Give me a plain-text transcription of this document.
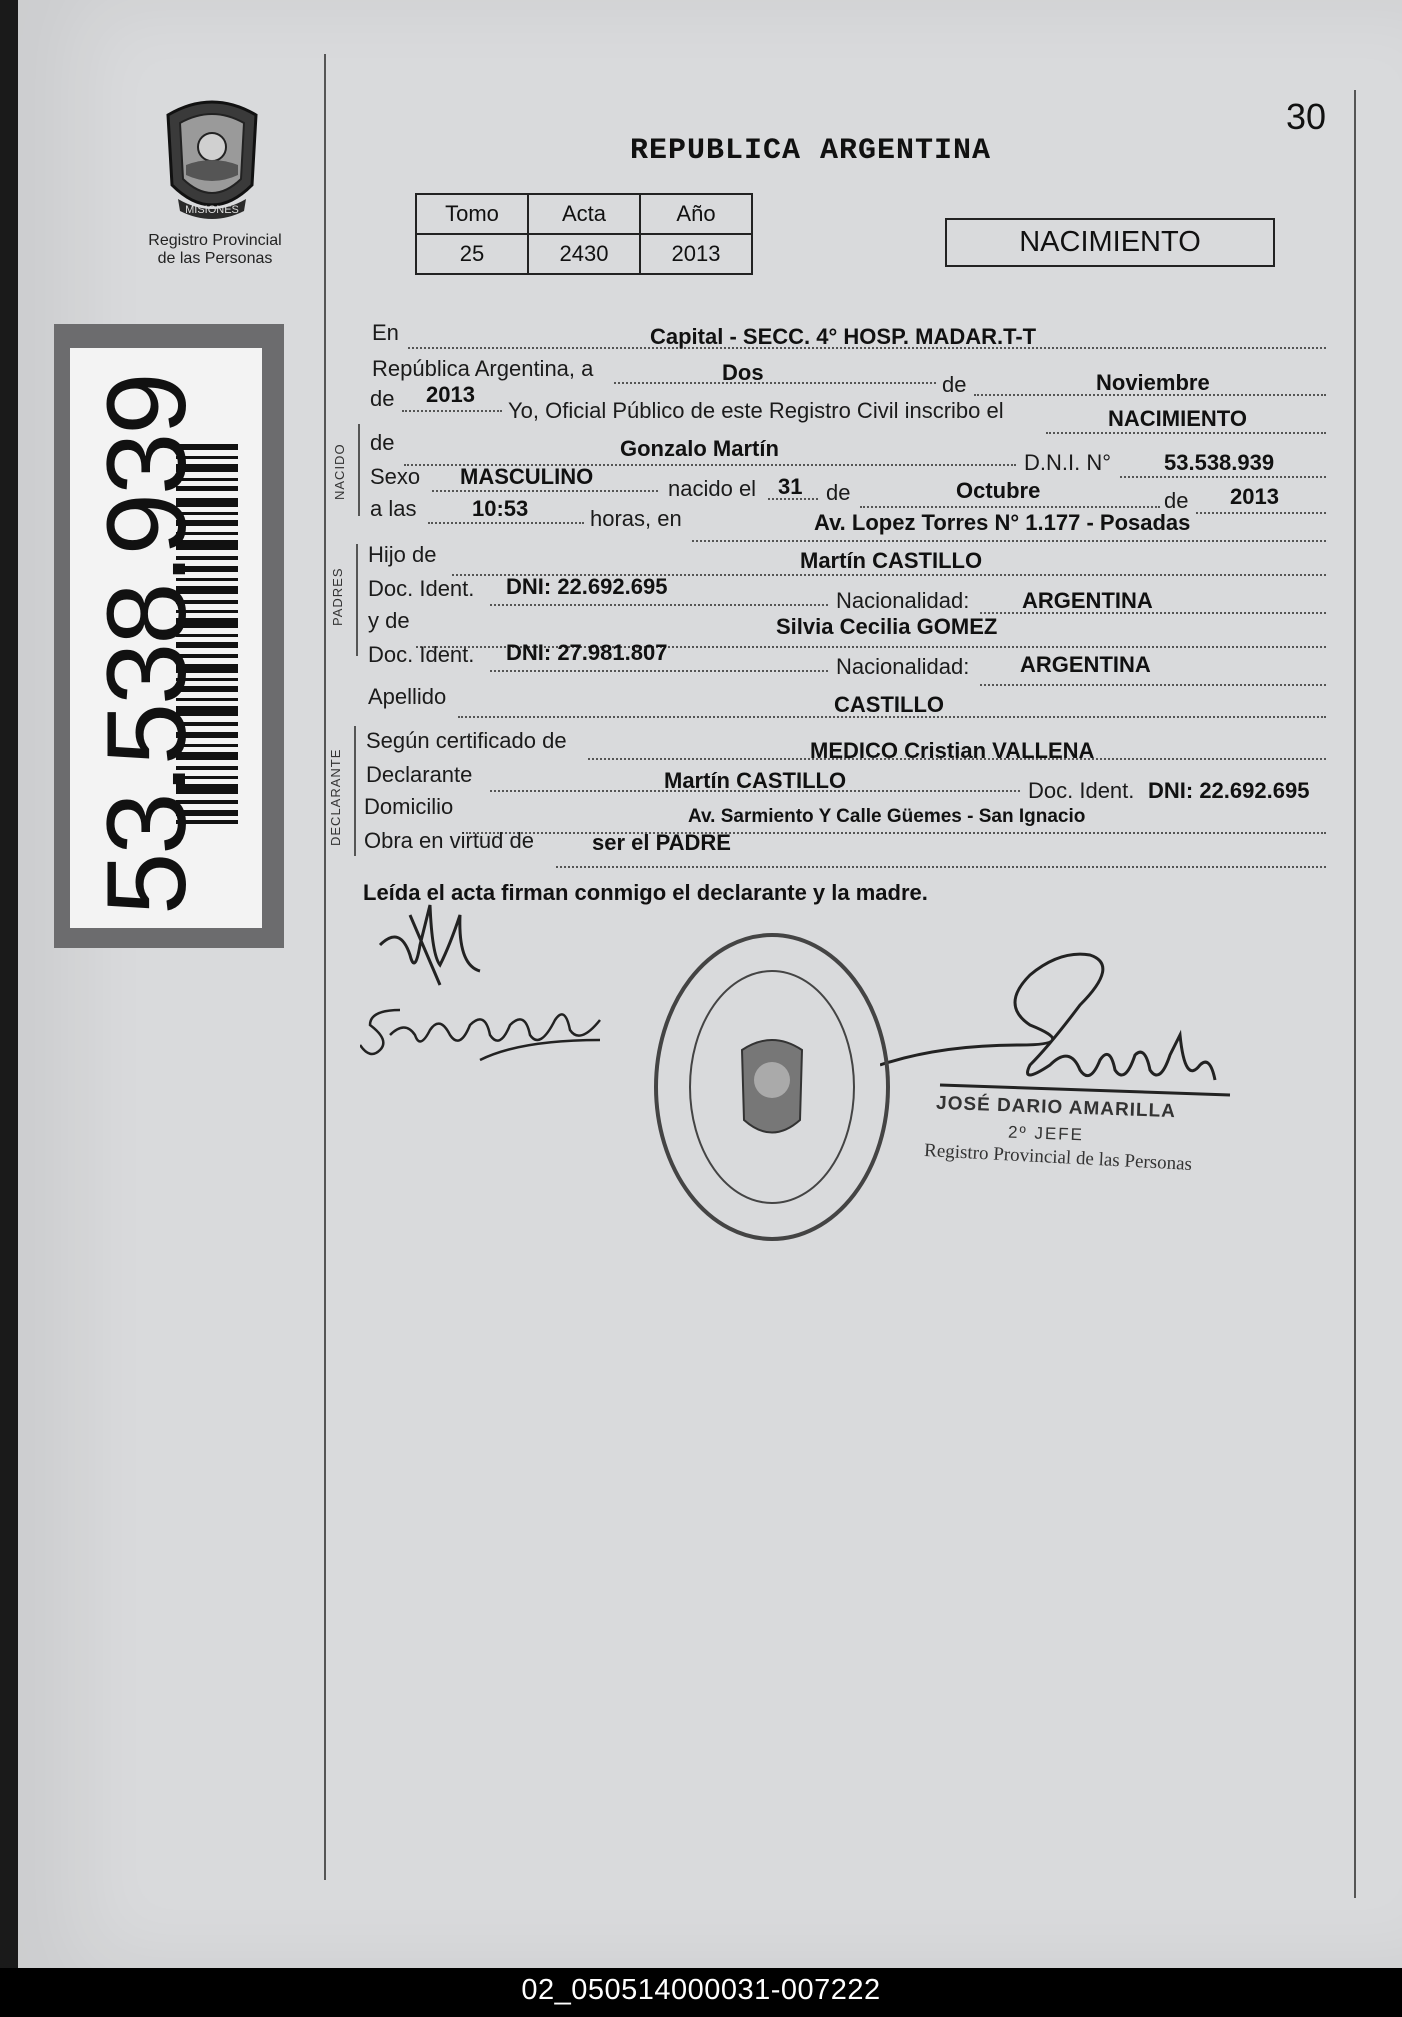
MISIONES
Registro Provincial
de las Personas
53.538.939
30
REPUBLICA ARGENTINA
Tomo	Acta	Año
25	2430	2013	NACIMIENTO
NACIDO
PADRES
DECLARANTE
En	Capital - SECC. 4° HOSP. MADAR.T-T
República Argentina, a	Dos	de	Noviembre
de 2013
Yo, Oficial Público de este Registro Civil inscribo el	NACIMIENTO
de	Gonzalo Martín
D.N.I. N° 53.538.939
Sexo MASCULINO	nacido el 31 de	Octubre	de 2013
a las	10:53	horas, en	Av. Lopez Torres N° 1.177 - Posadas
Hijo de	Martín CASTILLO
Doc. Ident. DNI: 22.692.695
Nacionalidad: ARGENTINA
y de	Silvia Cecilia GOMEZ
Doc. Ident. DNI: 27.981.807
Nacionalidad: ARGENTINA
Apellido	CASTILLO
Según certificado de	MEDICO Cristian VALLENA
Declarante	Martín CASTILLO	Doc. Ident. DNI: 22.692.695
Domicilio	Av. Sarmiento Y Calle Güemes - San Ignacio
Obra en virtud de	ser el PADRE
Leída el acta firman conmigo el declarante y la madre.
JOSÉ DARIO AMARILLA
2º JEFE
Registro Provincial de las Personas
02_050514000031-007222
